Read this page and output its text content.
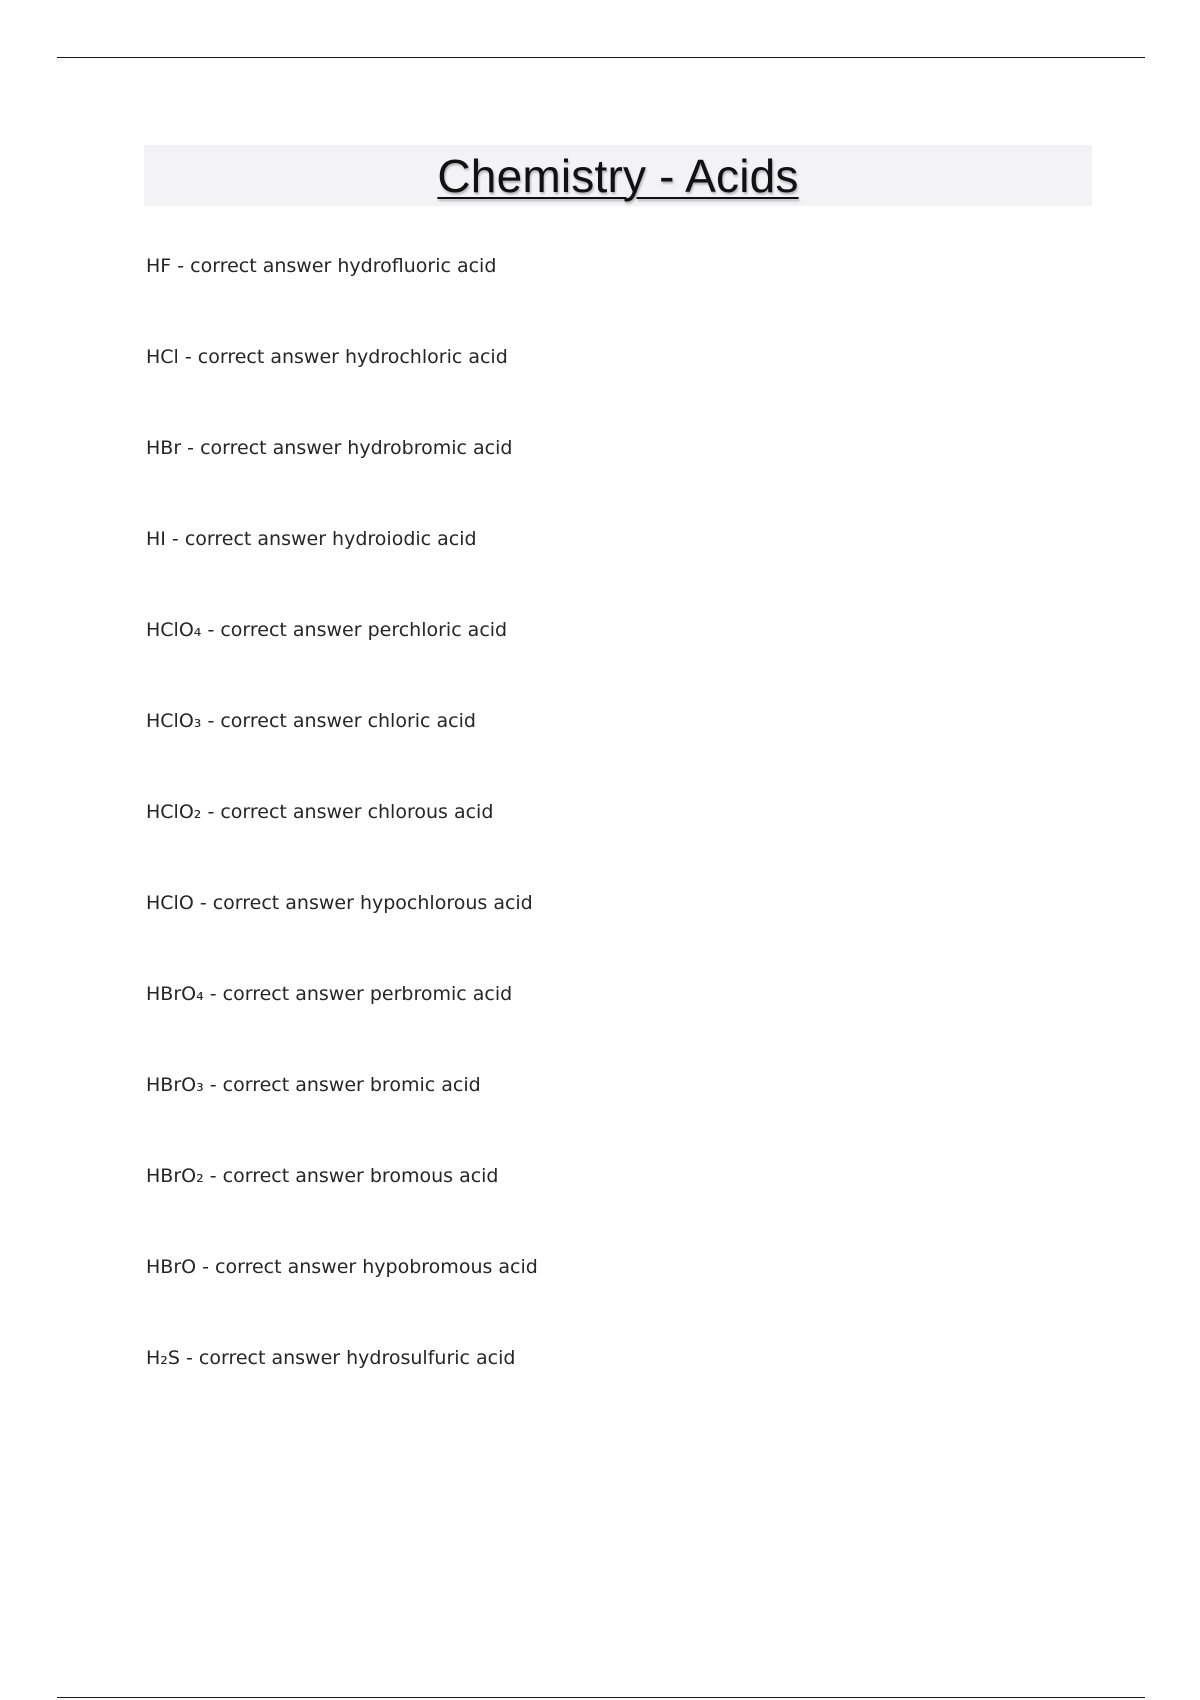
Chemistry - Acids
HF - correct answer hydrofluoric acid
HCl - correct answer hydrochloric acid
HBr - correct answer hydrobromic acid
HI - correct answer hydroiodic acid
HClO₄ - correct answer perchloric acid
HClO₃ - correct answer chloric acid
HClO₂ - correct answer chlorous acid
HClO - correct answer hypochlorous acid
HBrO₄ - correct answer perbromic acid
HBrO₃ - correct answer bromic acid
HBrO₂ - correct answer bromous acid
HBrO - correct answer hypobromous acid
H₂S - correct answer hydrosulfuric acid
